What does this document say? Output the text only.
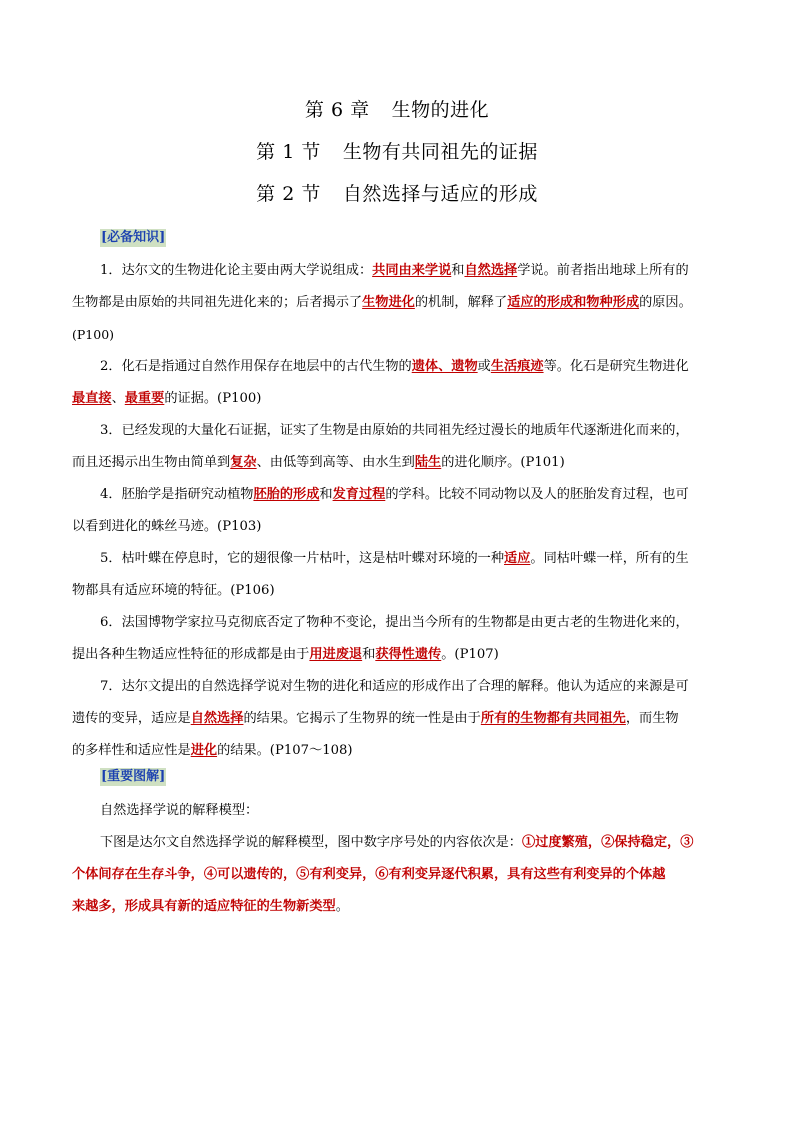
第 6 章 生物的进化

第 1 节 生物有共同祖先的证据

第 2 节 自然选择与适应的形成

[必备知识]
1．达尔文的生物进化论主要由两大学说组成：共同由来学说和自然选择学说。前者指出地球上所有的
生物都是由原始的共同祖先进化来的；后者揭示了生物进化的机制，解释了适应的形成和物种形成的原因。
(P100)
2．化石是指通过自然作用保存在地层中的古代生物的遗体、遗物或生活痕迹等。化石是研究生物进化
最直接、最重要的证据。(P100)
3．已经发现的大量化石证据，证实了生物是由原始的共同祖先经过漫长的地质年代逐渐进化而来的，
而且还揭示出生物由简单到复杂、由低等到高等、由水生到陆生的进化顺序。(P101)
4．胚胎学是指研究动植物胚胎的形成和发育过程的学科。比较不同动物以及人的胚胎发育过程，也可
以看到进化的蛛丝马迹。(P103)
5．枯叶蝶在停息时，它的翅很像一片枯叶，这是枯叶蝶对环境的一种适应。同枯叶蝶一样，所有的生
物都具有适应环境的特征。(P106)
6．法国博物学家拉马克彻底否定了物种不变论，提出当今所有的生物都是由更古老的生物进化来的，
提出各种生物适应性特征的形成都是由于用进废退和获得性遗传。(P107)
7．达尔文提出的自然选择学说对生物的进化和适应的形成作出了合理的解释。他认为适应的来源是可
遗传的变异，适应是自然选择的结果。它揭示了生物界的统一性是由于所有的生物都有共同祖先，而生物
的多样性和适应性是进化的结果。(P107～108)
[重要图解]
自然选择学说的解释模型：
下图是达尔文自然选择学说的解释模型，图中数字序号处的内容依次是：①过度繁殖，②保持稳定，③
个体间存在生存斗争，④可以遗传的，⑤有利变异，⑥有利变异逐代积累，具有这些有利变异的个体越
来越多，形成具有新的适应特征的生物新类型。
